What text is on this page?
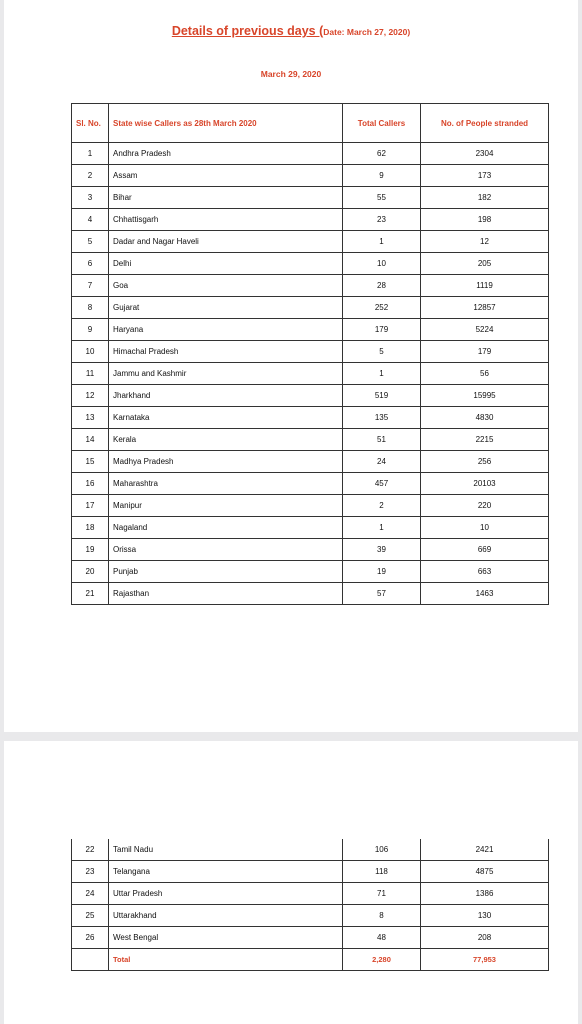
Details of previous days (Date: March 27, 2020)
March 29, 2020
Sl. No.	State wise Callers as 28th March 2020	Total Callers	No. of People stranded
1	Andhra Pradesh	62	2304
2	Assam	9	173
3	Bihar	55	182
4	Chhattisgarh	23	198
5	Dadar and Nagar Haveli	1	12
6	Delhi	10	205
7	Goa	28	1119
8	Gujarat	252	12857
9	Haryana	179	5224
10	Himachal Pradesh	5	179
11	Jammu and Kashmir	1	56
12	Jharkhand	519	15995
13	Karnataka	135	4830
14	Kerala	51	2215
15	Madhya Pradesh	24	256
16	Maharashtra	457	20103
17	Manipur	2	220
18	Nagaland	1	10
19	Orissa	39	669
20	Punjab	19	663
21	Rajasthan	57	1463
22	Tamil Nadu	106	2421
23	Telangana	118	4875
24	Uttar Pradesh	71	1386
25	Uttarakhand	8	130
26	West Bengal	48	208
	Total	2,280	77,953
